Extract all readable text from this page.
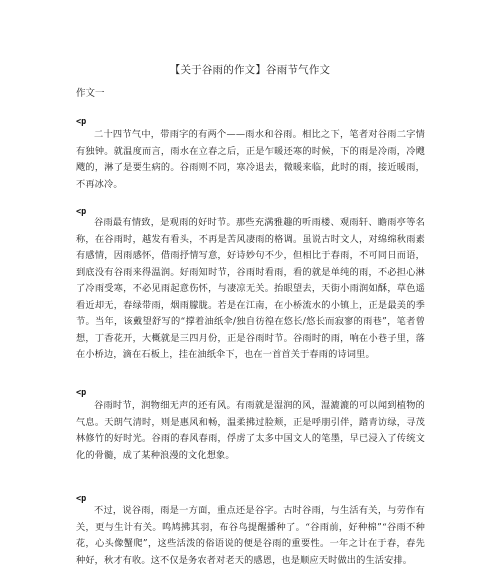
【关于谷雨的作文】谷雨节气作文
作文一
<p

二十四节气中，带雨字的有两个——雨水和谷雨。相比之下，笔者对谷雨二字情有独钟。就温度而言，雨水在立春之后，正是乍暖还寒的时候，下的雨是冷雨，冷飕飕的，淋了是要生病的。谷雨则不同，寒冷退去，微暖来临，此时的雨，接近暖雨，不再冰冷。

<p

谷雨最有情致，是观雨的好时节。那些充满雅趣的听雨楼、观雨轩、瞻雨亭等名称，在谷雨时，越发有看头，不再是苦风凄雨的格调。虽说古时文人，对绵绵秋雨素有感情，因雨感怀，借雨抒情写意，好诗妙句不少，但相比于春雨，不可同日而语，到底没有谷雨来得温润。好雨知时节，谷雨时看雨，看的就是单纯的雨，不必担心淋了冷雨受寒，不必见雨起意伤怀，与凄凉无关。抬眼望去，天街小雨润如酥，草色遥看近却无，春绿带雨，烟雨朦胧。若是在江南，在小桥流水的小镇上，正是最美的季节。当年，该戴望舒写的“撑着油纸伞/独自彷徨在悠长/悠长而寂寥的雨巷”，笔者曾想，丁香花开，大概就是三四月份，正是谷雨时节。谷雨时的雨，响在小巷子里，落在小桥边，滴在石板上，挂在油纸伞下，也在一首首关于春雨的诗词里。

<p

谷雨时节，润物细无声的还有风。有雨就是湿润的风，湿漉漉的可以闻到植物的气息。天朗气清时，则是惠风和畅，温柔拂过脸颊，正是呼朋引伴，踏青访绿，寻茂林修竹的好时光。谷雨的春风春雨，俘虏了太多中国文人的笔墨，早已浸入了传统文化的骨髓，成了某种浪漫的文化想象。

<p

不过，说谷雨，雨是一方面，重点还是谷字。古时谷雨，与生活有关，与劳作有关，更与生计有关。鸣鸠拂其羽，布谷鸟提醒播种了。“谷雨前，好种棉”“谷雨不种花，心头像蟹爬”，这些活泼的俗语说的便是谷雨的重要性。一年之计在于春，春先种好，秋才有收。这不仅是务农者对老天的感恩，也是顺应天时做出的生活安排。
